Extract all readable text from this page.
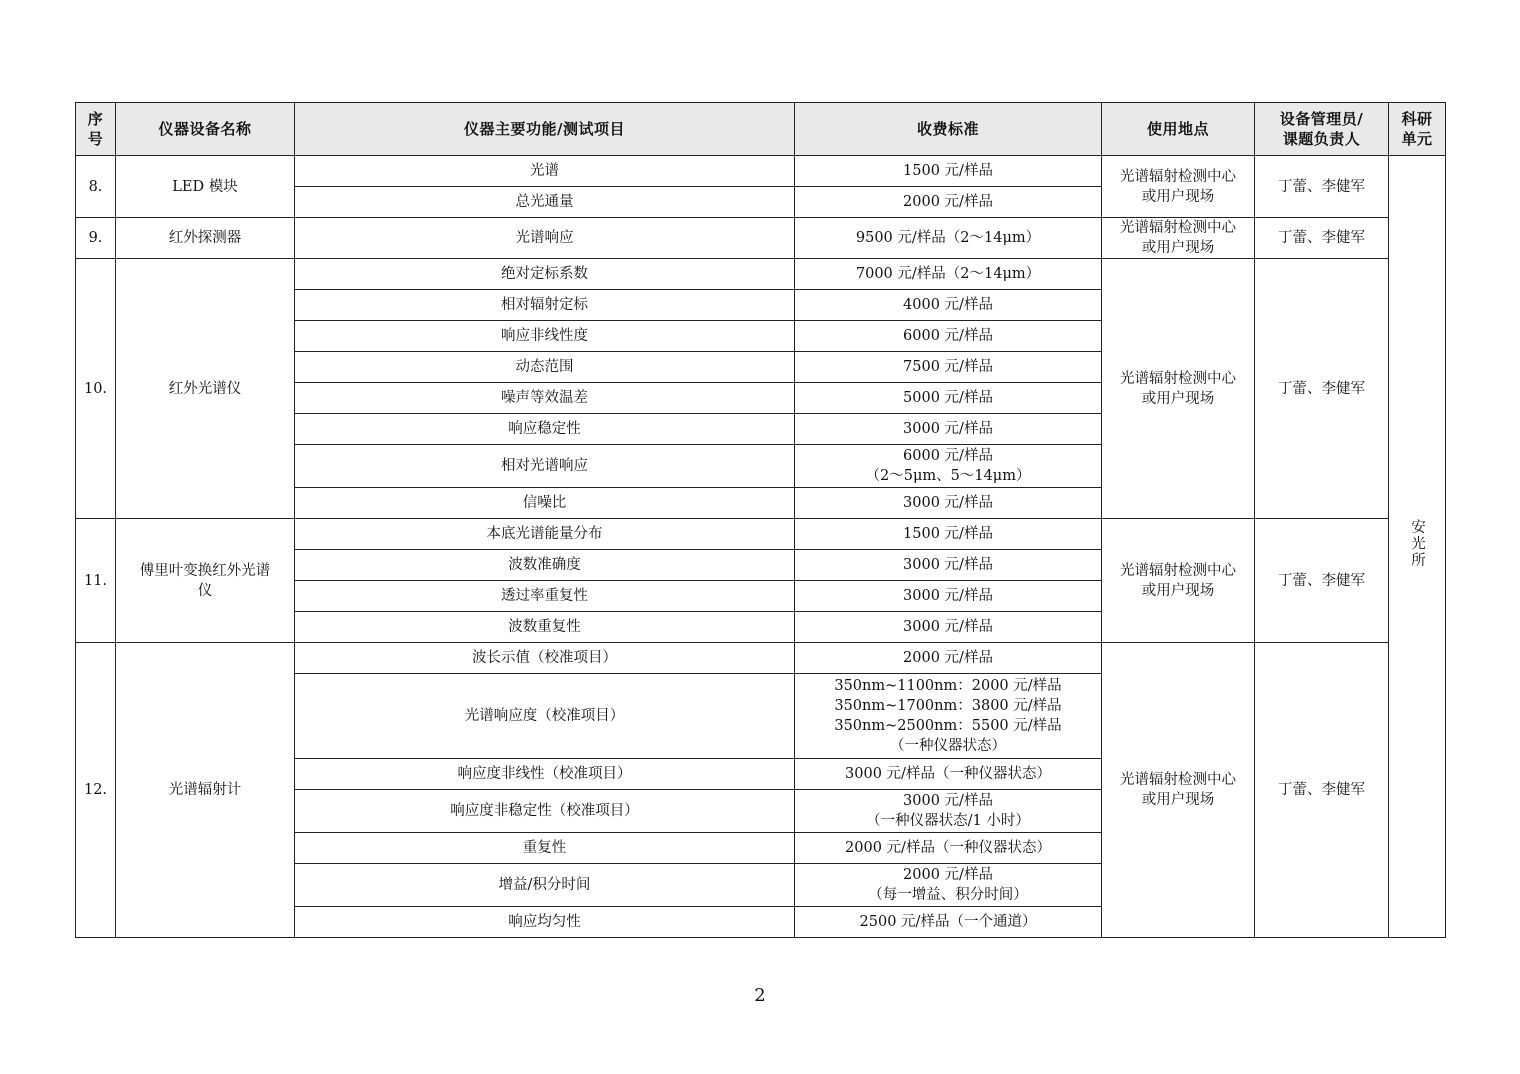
序
号	仪器设备名称	仪器主要功能/测试项目	收费标准	使用地点	设备管理员/
课题负责人	科研
单元
8.	LED 模块	光谱	1500 元/样品	光谱辐射检测中心
或用户现场	丁蕾、李健军	安光所
		总光通量	2000 元/样品			
9.	红外探测器	光谱响应	9500 元/样品（2～14μm）	光谱辐射检测中心
或用户现场	丁蕾、李健军	
10.	红外光谱仪	绝对定标系数	7000 元/样品（2～14μm）	光谱辐射检测中心
或用户现场	丁蕾、李健军	
		相对辐射定标	4000 元/样品			
		响应非线性度	6000 元/样品			
		动态范围	7500 元/样品			
		噪声等效温差	5000 元/样品			
		响应稳定性	3000 元/样品			
		相对光谱响应	6000 元/样品
（2～5μm、5～14μm）			
		信噪比	3000 元/样品			
11.	傅里叶变换红外光谱
仪	本底光谱能量分布	1500 元/样品	光谱辐射检测中心
或用户现场	丁蕾、李健军	
		波数准确度	3000 元/样品			
		透过率重复性	3000 元/样品			
		波数重复性	3000 元/样品			
12.	光谱辐射计	波长示值（校准项目）	2000 元/样品	光谱辐射检测中心
或用户现场	丁蕾、李健军	
		光谱响应度（校准项目）	350nm~1100nm：2000 元/样品
350nm~1700nm：3800 元/样品
350nm~2500nm：5500 元/样品
（一种仪器状态）			
		响应度非线性（校准项目）	3000 元/样品（一种仪器状态）			
		响应度非稳定性（校准项目）	3000 元/样品
（一种仪器状态/1 小时）			
		重复性	2000 元/样品（一种仪器状态）			
		增益/积分时间	2000 元/样品
（每一增益、积分时间）			
		响应均匀性	2500 元/样品（一个通道）			
2
